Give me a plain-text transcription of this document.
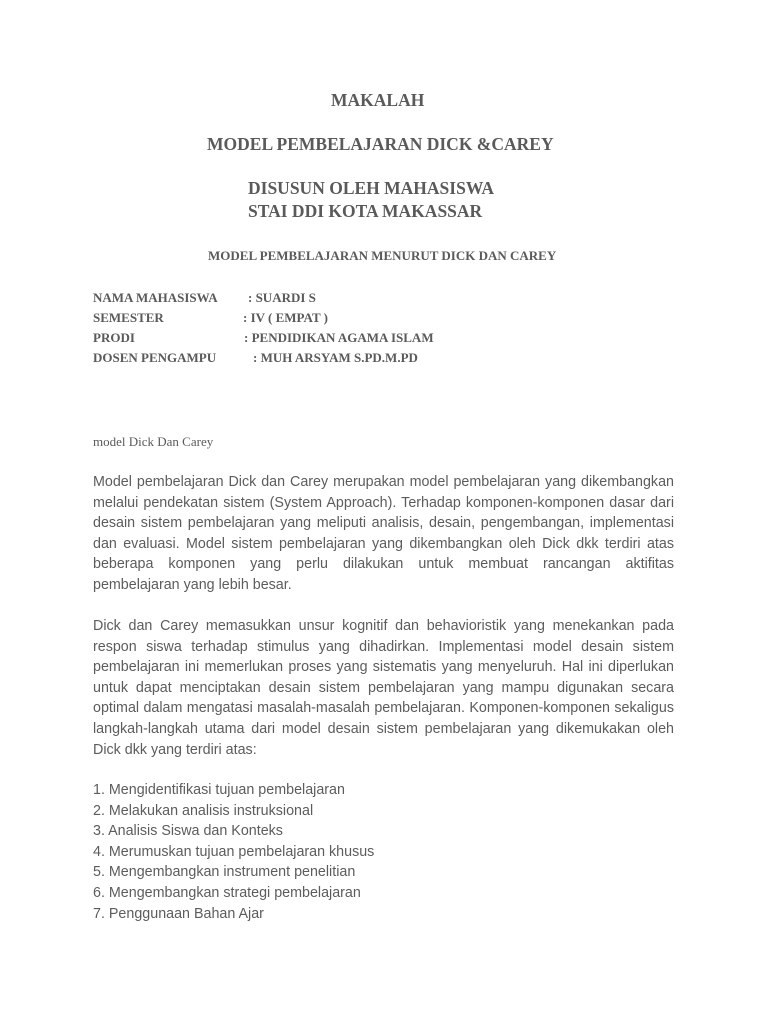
MAKALAH
MODEL PEMBELAJARAN DICK &CAREY
DISUSUN OLEH MAHASISWA
STAI DDI KOTA MAKASSAR
MODEL PEMBELAJARAN MENURUT DICK DAN CAREY
NAMA MAHASISWA : SUARDI S
SEMESTER	: IV ( EMPAT )
PRODI	: PENDIDIKAN AGAMA ISLAM
DOSEN PENGAMPU	: MUH ARSYAM S.PD.M.PD
model Dick Dan Carey

Model pembelajaran Dick dan Carey merupakan model pembelajaran yang dikembangkan melalui pendekatan sistem (System Approach). Terhadap komponen-komponen dasar dari desain sistem pembelajaran yang meliputi analisis, desain, pengembangan, implementasi dan evaluasi. Model sistem pembelajaran yang dikembangkan oleh Dick dkk terdiri atas beberapa komponen yang perlu dilakukan untuk membuat rancangan aktifitas pembelajaran yang lebih besar.

Dick dan Carey memasukkan unsur kognitif dan behavioristik yang menekankan pada respon siswa terhadap stimulus yang dihadirkan. Implementasi model desain sistem pembelajaran ini memerlukan proses yang sistematis yang menyeluruh. Hal ini diperlukan untuk dapat menciptakan desain sistem pembelajaran yang mampu digunakan secara optimal dalam mengatasi masalah-masalah pembelajaran. Komponen-komponen sekaligus langkah-langkah utama dari model desain sistem pembelajaran yang dikemukakan oleh Dick dkk yang terdiri atas:

1. Mengidentifikasi tujuan pembelajaran
2. Melakukan analisis instruksional
3. Analisis Siswa dan Konteks
4. Merumuskan tujuan pembelajaran khusus
5. Mengembangkan instrument penelitian
6. Mengembangkan strategi pembelajaran
7. Penggunaan Bahan Ajar
